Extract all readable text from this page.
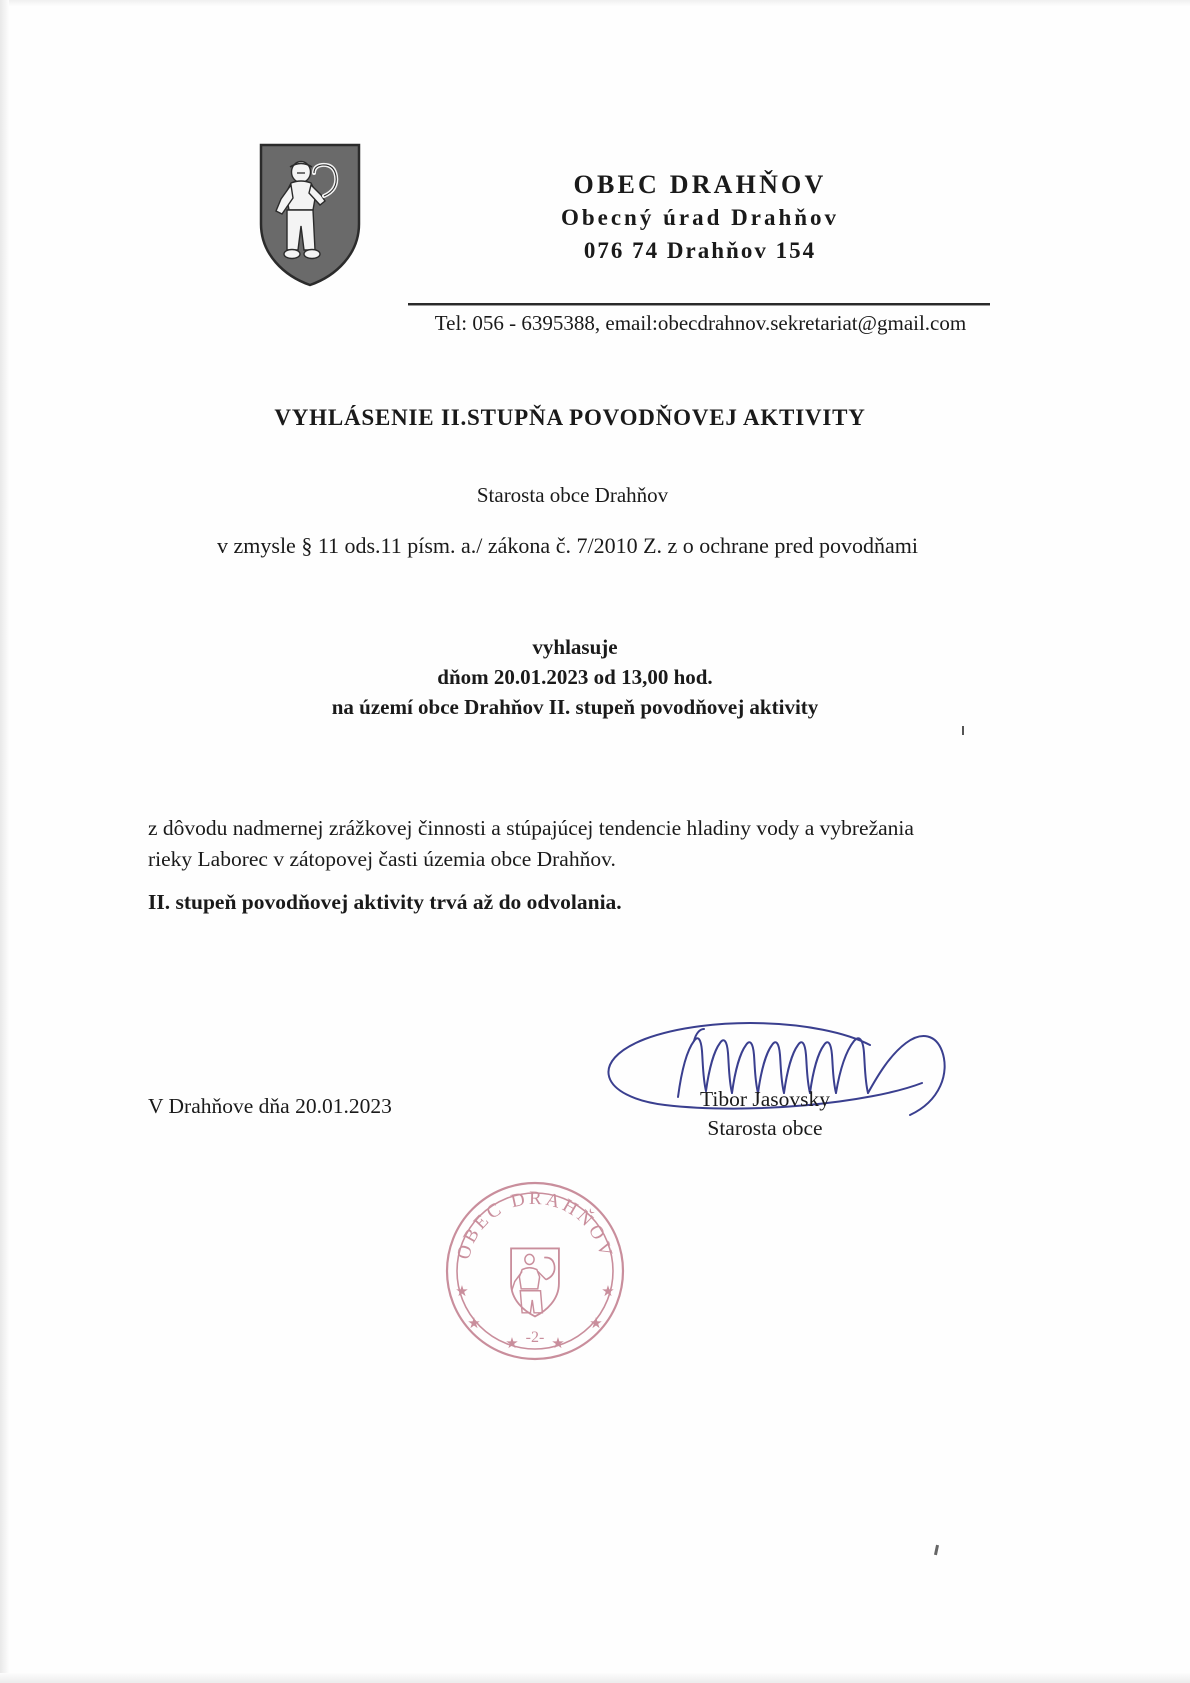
OBEC DRAHŇOV
Obecný úrad Drahňov
076 74 Drahňov 154
Tel: 056 - 6395388, email:obecdrahnov.sekretariat@gmail.com
VYHLÁSENIE II.STUPŇA POVODŇOVEJ AKTIVITY
Starosta obce Drahňov
v zmysle § 11 ods.11 písm. a./ zákona č. 7/2010 Z. z o ochrane pred povodňami
vyhlasuje
dňom 20.01.2023 od 13,00 hod.
na území obce Drahňov II. stupeň povodňovej aktivity
z dôvodu nadmernej zrážkovej činnosti a stúpajúcej tendencie hladiny vody a vybrežania rieky Laborec v zátopovej časti územia obce Drahňov.
II. stupeň povodňovej aktivity trvá až do odvolania.
V Drahňove dňa 20.01.2023	Tibor Jasovsky
Starosta obce
OBEC DRAHŇOV
★	★
★	★
★ ★
-2-
